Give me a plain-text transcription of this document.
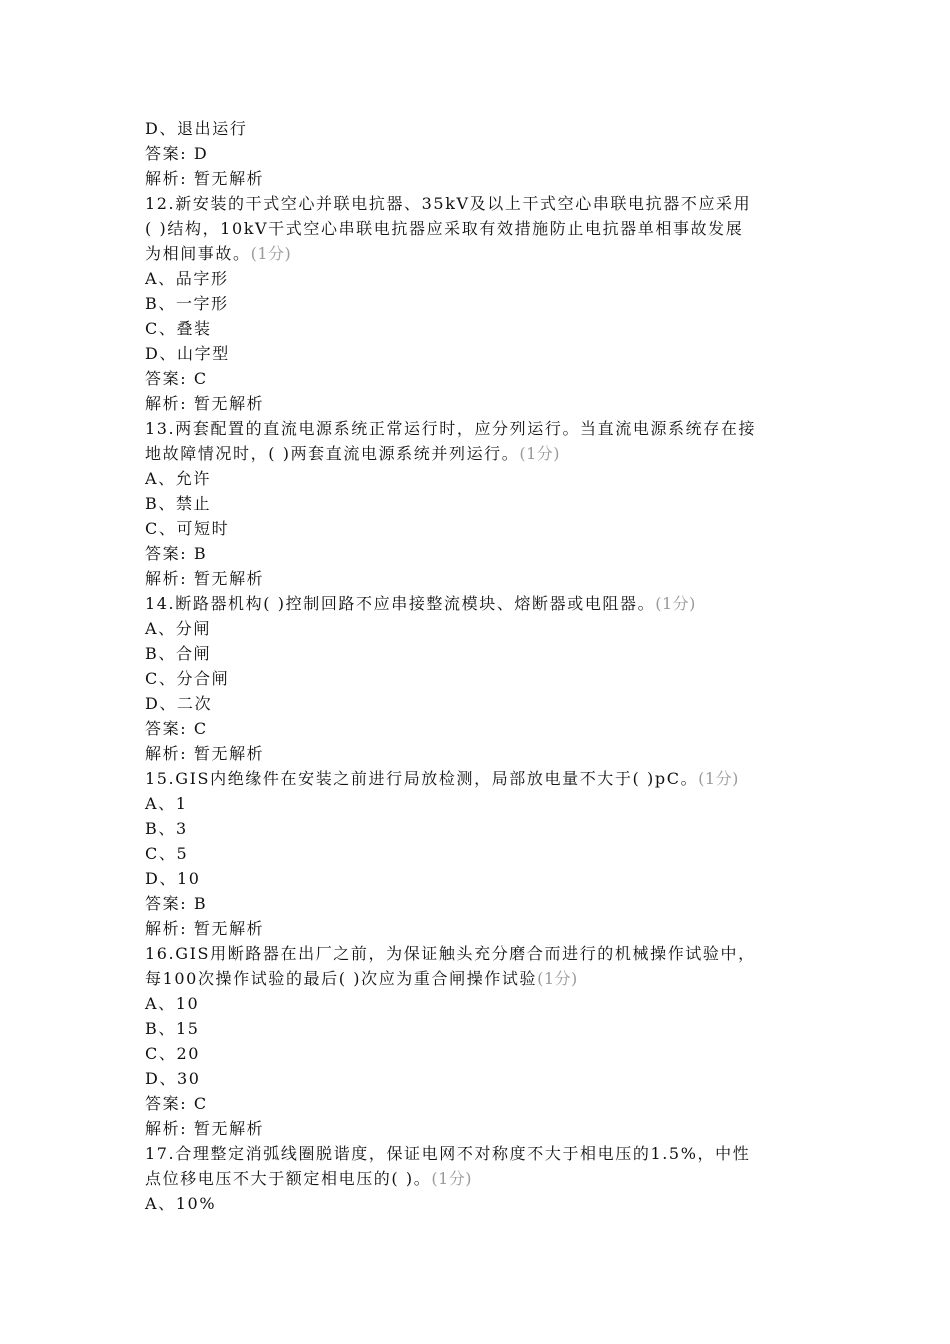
D、退出运行
答案: D
解析: 暂无解析
12.新安装的干式空心并联电抗器、35kV及以上干式空心串联电抗器不应采用
( )结构，10kV干式空心串联电抗器应采取有效措施防止电抗器单相事故发展
为相间事故。(1分)
A、品字形
B、一字形
C、叠装
D、山字型
答案: C
解析: 暂无解析
13.两套配置的直流电源系统正常运行时，应分列运行。当直流电源系统存在接
地故障情况时，( )两套直流电源系统并列运行。(1分)
A、允许
B、禁止
C、可短时
答案: B
解析: 暂无解析
14.断路器机构( )控制回路不应串接整流模块、熔断器或电阻器。(1分)
A、分闸
B、合闸
C、分合闸
D、二次
答案: C
解析: 暂无解析
15.GIS内绝缘件在安装之前进行局放检测，局部放电量不大于( )pC。(1分)
A、1
B、3
C、5
D、10
答案: B
解析: 暂无解析
16.GIS用断路器在出厂之前，为保证触头充分磨合而进行的机械操作试验中，
每100次操作试验的最后( )次应为重合闸操作试验(1分)
A、10
B、15
C、20
D、30
答案: C
解析: 暂无解析
17.合理整定消弧线圈脱谐度，保证电网不对称度不大于相电压的1.5%，中性
点位移电压不大于额定相电压的( )。(1分)
A、10%
